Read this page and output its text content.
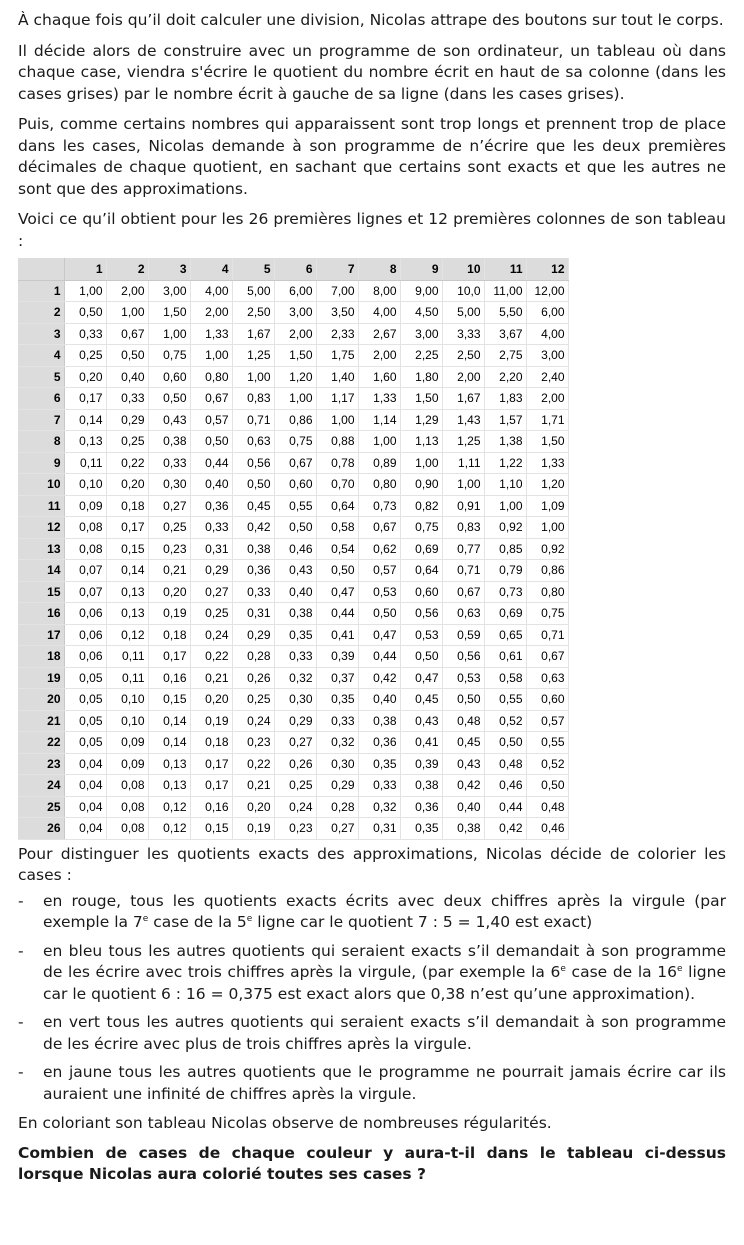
À chaque fois qu’il doit calculer une division, Nicolas attrape des boutons sur tout le corps.

Il décide alors de construire avec un programme de son ordinateur, un tableau où dans chaque case, viendra s'écrire le quotient du nombre écrit en haut de sa colonne (dans les cases grises) par le nombre écrit à gauche de sa ligne (dans les cases grises).

Puis, comme certains nombres qui apparaissent sont trop longs et prennent trop de place dans les cases, Nicolas demande à son programme de n’écrire que les deux premières décimales de chaque quotient, en sachant que certains sont exacts et que les autres ne sont que des approximations.

Voici ce qu’il obtient pour les 26 premières lignes et 12 premières colonnes de son tableau :

	1	2	3	4	5	6	7	8	9	10	11	12
1	1,00	2,00	3,00	4,00	5,00	6,00	7,00	8,00	9,00	10,0	11,00	12,00
2	0,50	1,00	1,50	2,00	2,50	3,00	3,50	4,00	4,50	5,00	5,50	6,00
3	0,33	0,67	1,00	1,33	1,67	2,00	2,33	2,67	3,00	3,33	3,67	4,00
4	0,25	0,50	0,75	1,00	1,25	1,50	1,75	2,00	2,25	2,50	2,75	3,00
5	0,20	0,40	0,60	0,80	1,00	1,20	1,40	1,60	1,80	2,00	2,20	2,40
6	0,17	0,33	0,50	0,67	0,83	1,00	1,17	1,33	1,50	1,67	1,83	2,00
7	0,14	0,29	0,43	0,57	0,71	0,86	1,00	1,14	1,29	1,43	1,57	1,71
8	0,13	0,25	0,38	0,50	0,63	0,75	0,88	1,00	1,13	1,25	1,38	1,50
9	0,11	0,22	0,33	0,44	0,56	0,67	0,78	0,89	1,00	1,11	1,22	1,33
10	0,10	0,20	0,30	0,40	0,50	0,60	0,70	0,80	0,90	1,00	1,10	1,20
11	0,09	0,18	0,27	0,36	0,45	0,55	0,64	0,73	0,82	0,91	1,00	1,09
12	0,08	0,17	0,25	0,33	0,42	0,50	0,58	0,67	0,75	0,83	0,92	1,00
13	0,08	0,15	0,23	0,31	0,38	0,46	0,54	0,62	0,69	0,77	0,85	0,92
14	0,07	0,14	0,21	0,29	0,36	0,43	0,50	0,57	0,64	0,71	0,79	0,86
15	0,07	0,13	0,20	0,27	0,33	0,40	0,47	0,53	0,60	0,67	0,73	0,80
16	0,06	0,13	0,19	0,25	0,31	0,38	0,44	0,50	0,56	0,63	0,69	0,75
17	0,06	0,12	0,18	0,24	0,29	0,35	0,41	0,47	0,53	0,59	0,65	0,71
18	0,06	0,11	0,17	0,22	0,28	0,33	0,39	0,44	0,50	0,56	0,61	0,67
19	0,05	0,11	0,16	0,21	0,26	0,32	0,37	0,42	0,47	0,53	0,58	0,63
20	0,05	0,10	0,15	0,20	0,25	0,30	0,35	0,40	0,45	0,50	0,55	0,60
21	0,05	0,10	0,14	0,19	0,24	0,29	0,33	0,38	0,43	0,48	0,52	0,57
22	0,05	0,09	0,14	0,18	0,23	0,27	0,32	0,36	0,41	0,45	0,50	0,55
23	0,04	0,09	0,13	0,17	0,22	0,26	0,30	0,35	0,39	0,43	0,48	0,52
24	0,04	0,08	0,13	0,17	0,21	0,25	0,29	0,33	0,38	0,42	0,46	0,50
25	0,04	0,08	0,12	0,16	0,20	0,24	0,28	0,32	0,36	0,40	0,44	0,48
26	0,04	0,08	0,12	0,15	0,19	0,23	0,27	0,31	0,35	0,38	0,42	0,46

Pour distinguer les quotients exacts des approximations, Nicolas décide de colorier les cases :

- en rouge, tous les quotients exacts écrits avec deux chiffres après la virgule (par exemple la 7e case de la 5e ligne car le quotient 7 : 5 = 1,40 est exact)
- en bleu tous les autres quotients qui seraient exacts s’il demandait à son programme de les écrire avec trois chiffres après la virgule, (par exemple la 6e case de la 16e ligne car le quotient 6 : 16 = 0,375 est exact alors que 0,38 n’est qu’une approximation).
- en vert tous les autres quotients qui seraient exacts s’il demandait à son programme de les écrire avec plus de trois chiffres après la virgule.
- en jaune tous les autres quotients que le programme ne pourrait jamais écrire car ils auraient une infinité de chiffres après la virgule.

En coloriant son tableau Nicolas observe de nombreuses régularités.

Combien de cases de chaque couleur y aura-t-il dans le tableau ci-dessus lorsque Nicolas aura colorié toutes ses cases ?
